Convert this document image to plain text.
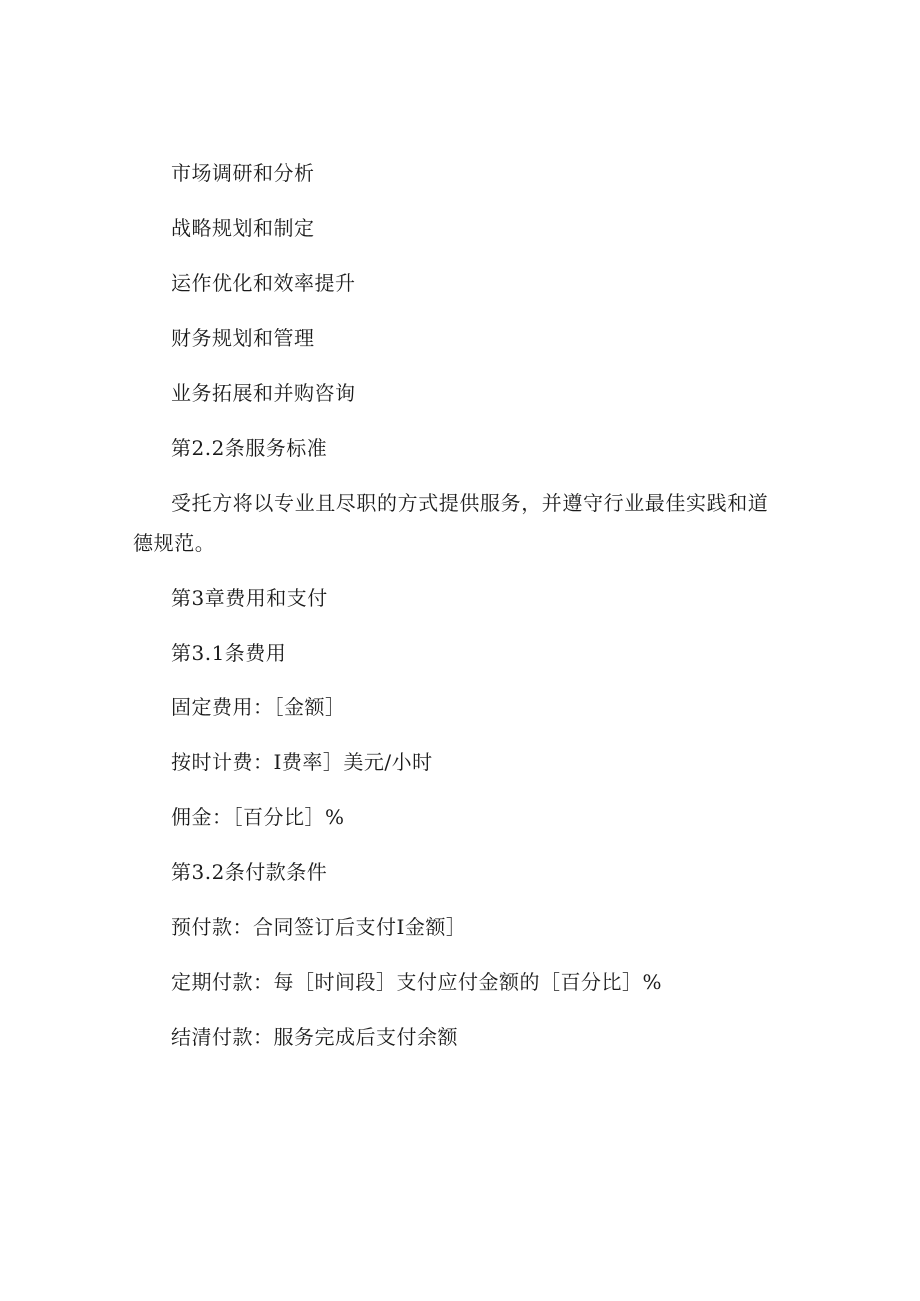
市场调研和分析
战略规划和制定
运作优化和效率提升
财务规划和管理
业务拓展和并购咨询
第2.2条服务标准
受托方将以专业且尽职的方式提供服务，并遵守行业最佳实践和道德规范。
第3章费用和支付
第3.1条费用
固定费用：［金额］
按时计费：I费率］美元/小时
佣金：［百分比］%
第3.2条付款条件
预付款：合同签订后支付I金额］
定期付款：每［时间段］支付应付金额的［百分比］%
结清付款：服务完成后支付余额
